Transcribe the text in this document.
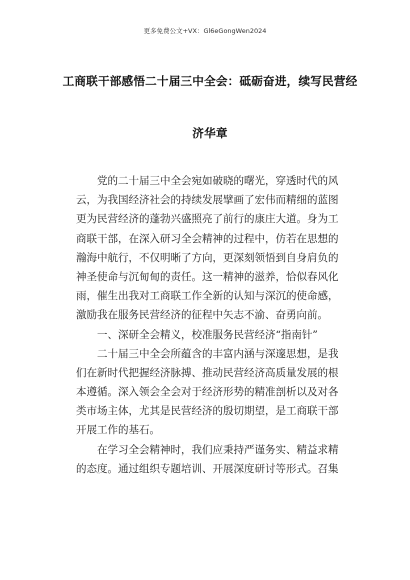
更多免费公文+VX：Gl6eGongWen2024
工商联干部感悟二十届三中全会：砥砺奋进，续写民营经
济华章
党的二十届三中全会宛如破晓的曙光，穿透时代的风
云，为我国经济社会的持续发展擘画了宏伟而精细的蓝图
更为民营经济的蓬勃兴盛照亮了前行的康庄大道。身为工
商联干部，在深入研习全会精神的过程中，仿若在思想的
瀚海中航行，不仅明晰了方向，更深刻领悟到自身肩负的
神圣使命与沉甸甸的责任。这一精神的滋养，恰似春风化
雨，催生出我对工商联工作全新的认知与深沉的使命感，
激励我在服务民营经济的征程中矢志不渝、奋勇向前。
一、深研全会精义，校准服务民营经济“指南针”
二十届三中全会所蕴含的丰富内涵与深邃思想，是我
们在新时代把握经济脉搏、推动民营经济高质量发展的根
本遵循。深入领会全会对于经济形势的精准剖析以及对各
类市场主体，尤其是民营经济的殷切期望，是工商联干部
开展工作的基石。
在学习全会精神时，我们应秉持严谨务实、精益求精
的态度。通过组织专题培训、开展深度研讨等形式。召集
